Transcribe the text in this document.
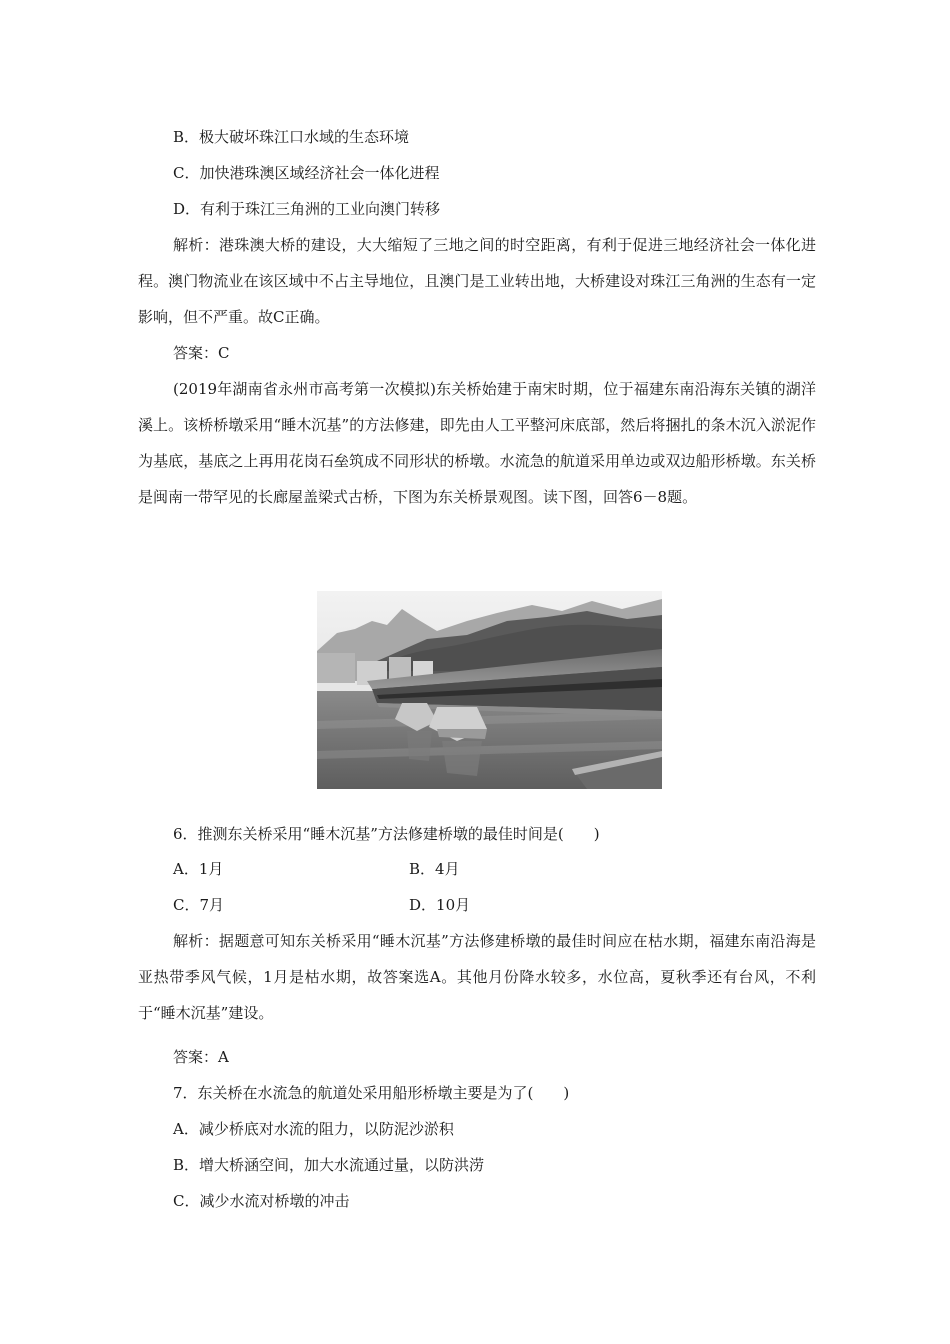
B．极大破坏珠江口水域的生态环境
C．加快港珠澳区域经济社会一体化进程
D．有利于珠江三角洲的工业向澳门转移
解析：港珠澳大桥的建设，大大缩短了三地之间的时空距离，有利于促进三地经济社会一体化进程。澳门物流业在该区域中不占主导地位，且澳门是工业转出地，大桥建设对珠江三角洲的生态有一定影响，但不严重。故C正确。
答案：C
(2019年湖南省永州市高考第一次模拟)东关桥始建于南宋时期，位于福建东南沿海东关镇的湖洋溪上。该桥桥墩采用“睡木沉基”的方法修建，即先由人工平整河床底部，然后将捆扎的条木沉入淤泥作为基底，基底之上再用花岗石垒筑成不同形状的桥墩。水流急的航道采用单边或双边船形桥墩。东关桥是闽南一带罕见的长廊屋盖梁式古桥，下图为东关桥景观图。读下图，回答6－8题。
6．推测东关桥采用“睡木沉基”方法修建桥墩的最佳时间是(　　)
A．1月	B．4月
C．7月	D．10月
解析：据题意可知东关桥采用“睡木沉基”方法修建桥墩的最佳时间应在枯水期，福建东南沿海是亚热带季风气候，1月是枯水期，故答案选A。其他月份降水较多，水位高，夏秋季还有台风，不利于“睡木沉基”建设。
答案：A
7．东关桥在水流急的航道处采用船形桥墩主要是为了(　　)
A．减少桥底对水流的阻力，以防泥沙淤积
B．增大桥涵空间，加大水流通过量，以防洪涝
C．减少水流对桥墩的冲击
